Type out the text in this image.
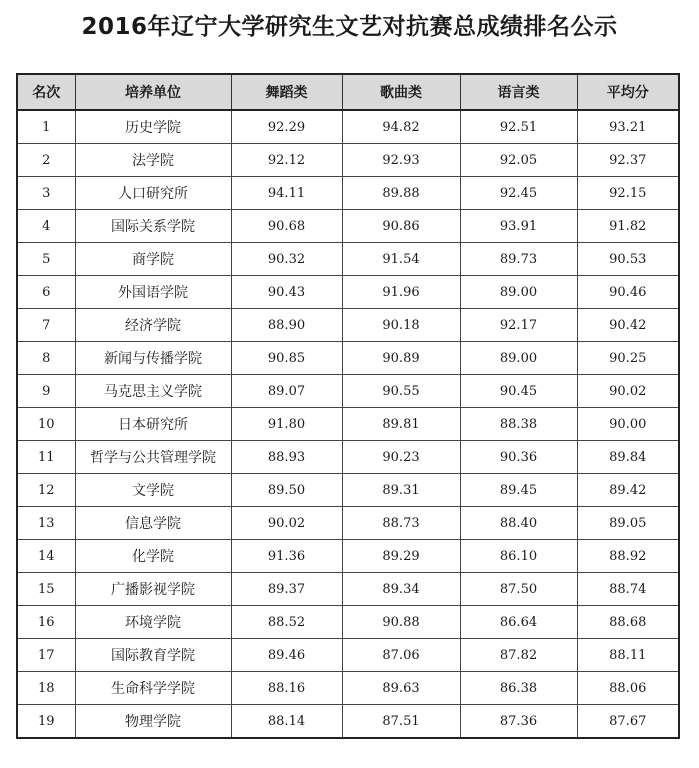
2016年辽宁大学研究生文艺对抗赛总成绩排名公示
名次	培养单位	舞蹈类	歌曲类	语言类	平均分
1	历史学院	92.29	94.82	92.51	93.21
2	法学院	92.12	92.93	92.05	92.37
3	人口研究所	94.11	89.88	92.45	92.15
4	国际关系学院	90.68	90.86	93.91	91.82
5	商学院	90.32	91.54	89.73	90.53
6	外国语学院	90.43	91.96	89.00	90.46
7	经济学院	88.90	90.18	92.17	90.42
8	新闻与传播学院	90.85	90.89	89.00	90.25
9	马克思主义学院	89.07	90.55	90.45	90.02
10	日本研究所	91.80	89.81	88.38	90.00
11	哲学与公共管理学院	88.93	90.23	90.36	89.84
12	文学院	89.50	89.31	89.45	89.42
13	信息学院	90.02	88.73	88.40	89.05
14	化学院	91.36	89.29	86.10	88.92
15	广播影视学院	89.37	89.34	87.50	88.74
16	环境学院	88.52	90.88	86.64	88.68
17	国际教育学院	89.46	87.06	87.82	88.11
18	生命科学学院	88.16	89.63	86.38	88.06
19	物理学院	88.14	87.51	87.36	87.67
